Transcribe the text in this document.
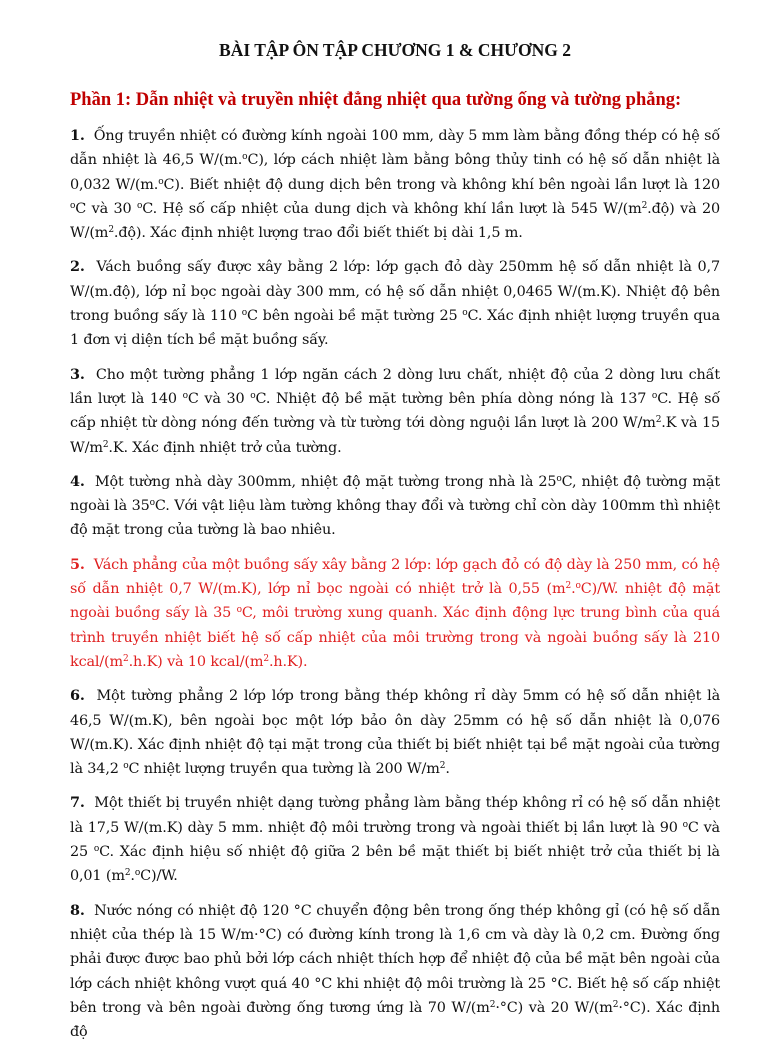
BÀI TẬP ÔN TẬP CHƯƠNG 1 & CHƯƠNG 2
Phần 1: Dẫn nhiệt và truyền nhiệt đẳng nhiệt qua tường ống và tường phẳng:

1. Ống truyền nhiệt có đường kính ngoài 100 mm, dày 5 mm làm bằng đồng thép có hệ số dẫn nhiệt là 46,5 W/(m.$^o$C), lớp cách nhiệt làm bằng bông thủy tinh có hệ số dẫn nhiệt là 0,032 W/(m.$^o$C). Biết nhiệt độ dung dịch bên trong và không khí bên ngoài lần lượt là 120 $^o$C và 30 $^o$C. Hệ số cấp nhiệt của dung dịch và không khí lần lượt là 545 $W/(m^2.độ)$ và 20 $W/(m^2.độ)$. Xác định nhiệt lượng trao đổi biết thiết bị dài 1,5 m.

2. Vách buồng sấy được xây bằng 2 lớp: lớp gạch đỏ dày 250mm hệ số dẫn nhiệt là 0,7 W/(m.độ), lớp nỉ bọc ngoài dày 300 mm, có hệ số dẫn nhiệt 0,0465 W/(m.K). Nhiệt độ bên trong buồng sấy là 110 $^o$C bên ngoài bề mặt tường 25 $^o$C. Xác định nhiệt lượng truyền qua 1 đơn vị diện tích bề mặt buồng sấy.

3. Cho một tường phẳng 1 lớp ngăn cách 2 dòng lưu chất, nhiệt độ của 2 dòng lưu chất lần lượt là 140 $^o$C và 30 $^o$C. Nhiệt độ bề mặt tường bên phía dòng nóng là 137 $^o$C. Hệ số cấp nhiệt từ dòng nóng đến tường và từ tường tới dòng nguội lần lượt là 200 $W/m^2.K$ và 15 $W/m^2.K$. Xác định nhiệt trở của tường.

4. Một tường nhà dày 300mm, nhiệt độ mặt tường trong nhà là 25$^o$C, nhiệt độ tường mặt ngoài là 35$^o$C. Với vật liệu làm tường không thay đổi và tường chỉ còn dày 100mm thì nhiệt độ mặt trong của tường là bao nhiêu.

5. Vách phẳng của một buồng sấy xây bằng 2 lớp: lớp gạch đỏ có độ dày là 250 mm, có hệ số dẫn nhiệt 0,7 W/(m.K), lớp nỉ bọc ngoài có nhiệt trở là 0,55 $(m^2.^oC)/W$. nhiệt độ mặt ngoài buồng sấy là 35 $^o$C, môi trường xung quanh. Xác định động lực trung bình của quá trình truyền nhiệt biết hệ số cấp nhiệt của môi trường trong và ngoài buồng sấy là 210 kcal/$(m^2.h.K)$ và 10 kcal/$(m^2.h.K)$.

6. Một tường phẳng 2 lớp lớp trong bằng thép không rỉ dày 5mm có hệ số dẫn nhiệt là 46,5 W/(m.K), bên ngoài bọc một lớp bảo ôn dày 25mm có hệ số dẫn nhiệt là 0,076 W/(m.K). Xác định nhiệt độ tại mặt trong của thiết bị biết nhiệt tại bề mặt ngoài của tường là 34,2 $^o$C nhiệt lượng truyền qua tường là 200 $W/m^2$.

7. Một thiết bị truyền nhiệt dạng tường phẳng làm bằng thép không rỉ có hệ số dẫn nhiệt là 17,5 W/(m.K) dày 5 mm. nhiệt độ môi trường trong và ngoài thiết bị lần lượt là 90 $^o$C và 25 $^o$C. Xác định hiệu số nhiệt độ giữa 2 bên bề mặt thiết bị biết nhiệt trở của thiết bị là 0,01 $(m^2.^oC)/W$.

8. Nước nóng có nhiệt độ 120 °C chuyển động bên trong ống thép không gỉ (có hệ số dẫn nhiệt của thép là 15 W/m·°C) có đường kính trong là 1,6 cm và dày là 0,2 cm. Đường ống phải được được bao phủ bởi lớp cách nhiệt thích hợp để nhiệt độ của bề mặt bên ngoài của lớp cách nhiệt không vượt quá 40 °C khi nhiệt độ môi trường là 25 °C. Biết hệ số cấp nhiệt bên trong và bên ngoài đường ống tương ứng là 70 $W/(m^2\cdot^\circ C)$ và 20 $W/(m^2\cdot^\circ C)$. Xác định độ
